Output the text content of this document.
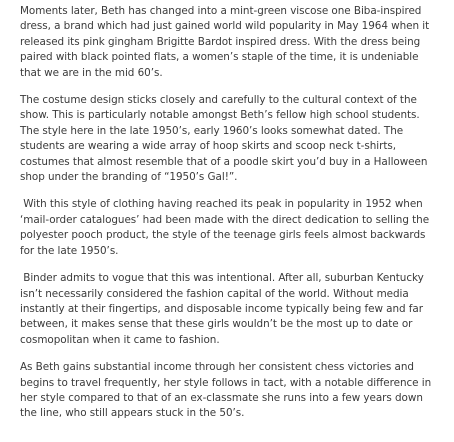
Moments later, Beth has changed into a mint-green viscose one Biba-inspired dress, a brand which had just gained world wild popularity in May 1964 when it released its pink gingham Brigitte Bardot inspired dress. With the dress being paired with black pointed flats, a women’s staple of the time, it is undeniable that we are in the mid 60’s.

The costume design sticks closely and carefully to the cultural context of the show. This is particularly notable amongst Beth’s fellow high school students. The style here in the late 1950’s, early 1960’s looks somewhat dated. The students are wearing a wide array of hoop skirts and scoop neck t-shirts, costumes that almost resemble that of a poodle skirt you’d buy in a Halloween shop under the branding of “1950’s Gal!”.

With this style of clothing having reached its peak in popularity in 1952 when ‘mail-order catalogues’ had been made with the direct dedication to selling the polyester pooch product, the style of the teenage girls feels almost backwards for the late 1950’s.

Binder admits to vogue that this was intentional. After all, suburban Kentucky isn’t necessarily considered the fashion capital of the world. Without media instantly at their fingertips, and disposable income typically being few and far between, it makes sense that these girls wouldn’t be the most up to date or cosmopolitan when it came to fashion.

As Beth gains substantial income through her consistent chess victories and begins to travel frequently, her style follows in tact, with a notable difference in her style compared to that of an ex-classmate she runs into a few years down the line, who still appears stuck in the 50’s.
